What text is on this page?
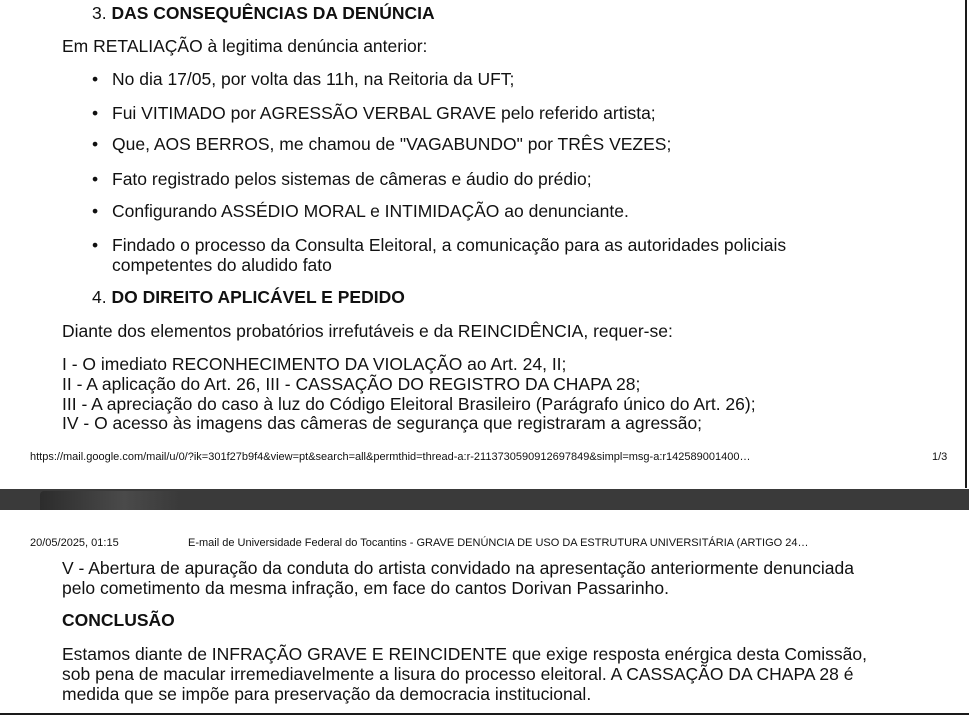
3. DAS CONSEQUÊNCIAS DA DENÚNCIA
Em RETALIAÇÃO à legitima denúncia anterior:
• No dia 17/05, por volta das 11h, na Reitoria da UFT;
• Fui VITIMADO por AGRESSÃO VERBAL GRAVE pelo referido artista;
• Que, AOS BERROS, me chamou de "VAGABUNDO" por TRÊS VEZES;
• Fato registrado pelos sistemas de câmeras e áudio do prédio;
• Configurando ASSÉDIO MORAL e INTIMIDAÇÃO ao denunciante.
• Findado o processo da Consulta Eleitoral, a comunicação para as autoridades policiais
competentes do aludido fato
4. DO DIREITO APLICÁVEL E PEDIDO
Diante dos elementos probatórios irrefutáveis e da REINCIDÊNCIA, requer-se:
I - O imediato RECONHECIMENTO DA VIOLAÇÃO ao Art. 24, II;
II - A aplicação do Art. 26, III - CASSAÇÃO DO REGISTRO DA CHAPA 28;
III - A apreciação do caso à luz do Código Eleitoral Brasileiro (Parágrafo único do Art. 26);
IV - O acesso às imagens das câmeras de segurança que registraram a agressão;
https://mail.google.com/mail/u/0/?ik=301f27b9f4&view=pt&search=all&permthid=thread-a:r-2113730590912697849&simpl=msg-a:r142589001400…	1/3
20/05/2025, 01:15	E-mail de Universidade Federal do Tocantins - GRAVE DENÚNCIA DE USO DA ESTRUTURA UNIVERSITÁRIA (ARTIGO 24…
V - Abertura de apuração da conduta do artista convidado na apresentação anteriormente denunciada
pelo cometimento da mesma infração, em face do cantos Dorivan Passarinho.
CONCLUSÃO
Estamos diante de INFRAÇÃO GRAVE E REINCIDENTE que exige resposta enérgica desta Comissão,
sob pena de macular irremediavelmente a lisura do processo eleitoral. A CASSAÇÃO DA CHAPA 28 é
medida que se impõe para preservação da democracia institucional.
